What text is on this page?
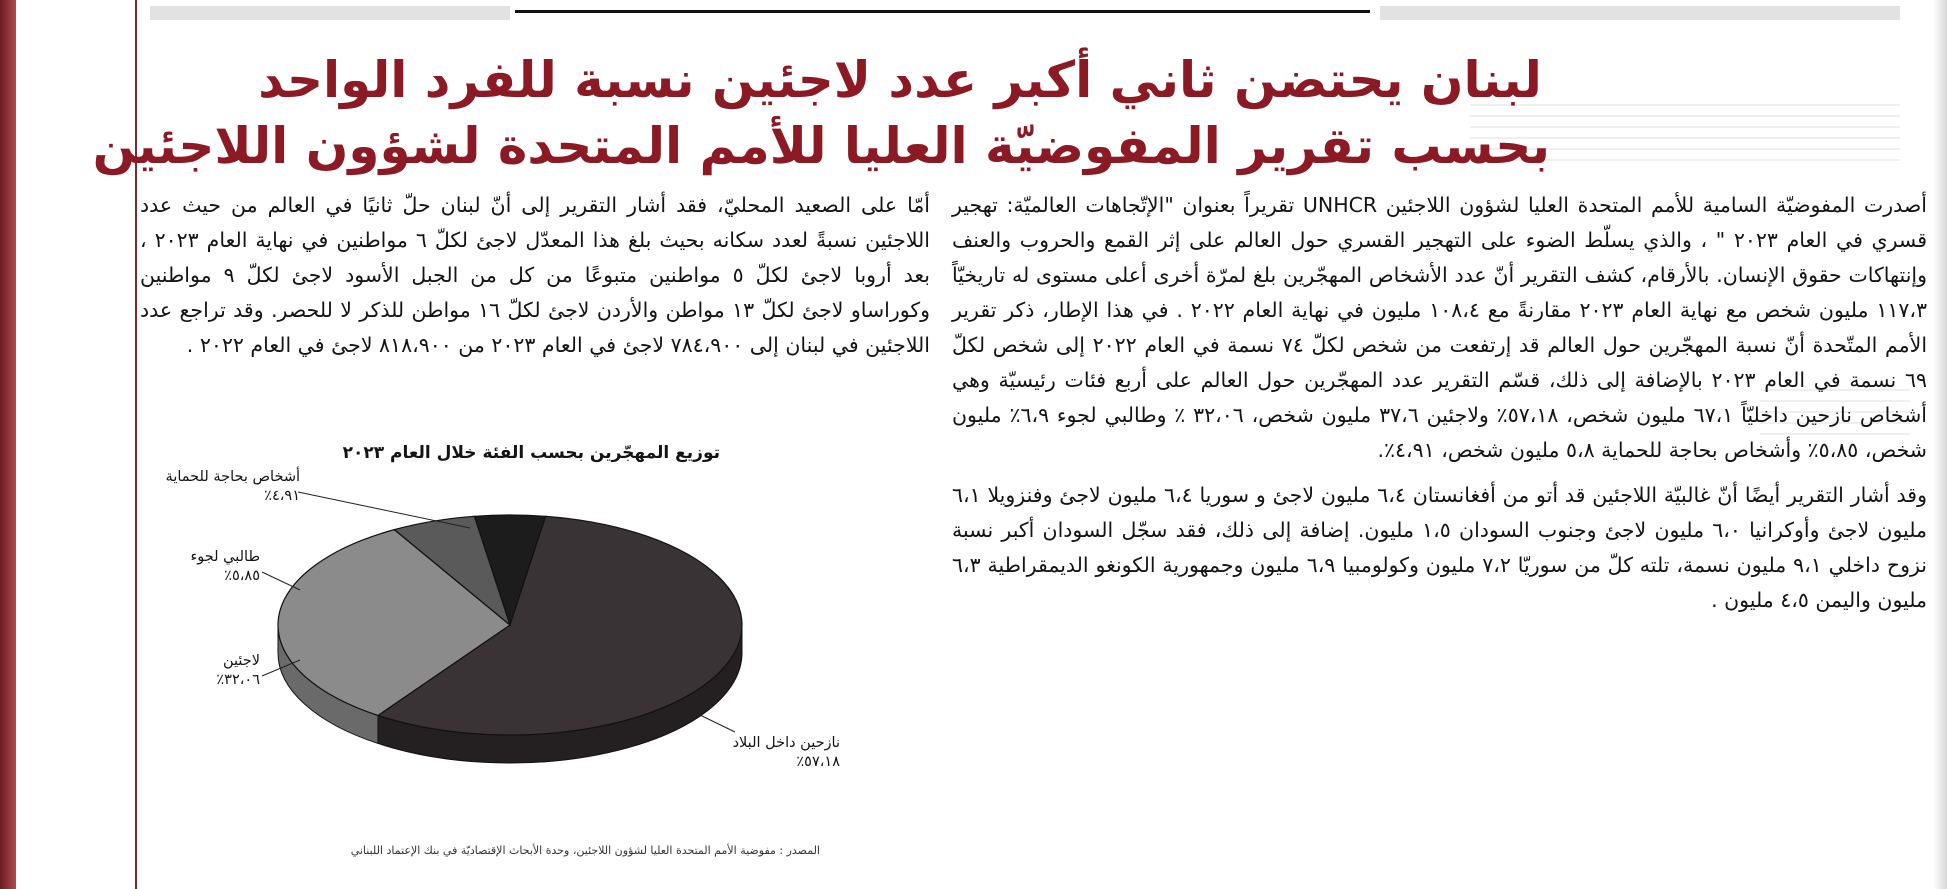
لبنان يحتضن ثاني أكبر عدد لاجئين نسبة للفرد الواحد
بحسب تقرير المفوضيّة العليا للأمم المتحدة لشؤون اللاجئين

أصدرت المفوضيّة السامية للأمم المتحدة العليا لشؤون اللاجئين UNHCR تقريراً بعنوان "الإتّجاهات العالميّة: تهجير قسري في العام ٢٠٢٣ " ، والذي يسلّط الضوء على التهجير القسري حول العالم على إثر القمع والحروب والعنف وإنتهاكات حقوق الإنسان. بالأرقام، كشف التقرير أنّ عدد الأشخاص المهجّرين بلغ لمرّة أخرى أعلى مستوى له تاريخيّاً ١١٧،٣ مليون شخص مع نهاية العام ٢٠٢٣ مقارنةً مع ١٠٨،٤ مليون في نهاية العام ٢٠٢٢ . في هذا الإطار، ذكر تقرير الأمم المتّحدة أنّ نسبة المهجّرين حول العالم قد إرتفعت من شخص لكلّ ٧٤ نسمة في العام ٢٠٢٢ إلى شخص لكلّ ٦٩ نسمة في العام ٢٠٢٣ بالإضافة إلى ذلك، قسّم التقرير عدد المهجّرين حول العالم على أربع فئات رئيسيّة وهي أشخاص نازحين داخليّاً ٦٧،١ مليون شخص، ٥٧،١٨٪ ولاجئين ٣٧،٦ مليون شخص، ٣٢،٠٦ ٪ وطالبي لجوء ٦،٩٪ مليون شخص، ٥،٨٥٪ وأشخاص بحاجة للحماية ٥،٨ مليون شخص، ٤،٩١٪.

وقد أشار التقرير أيضًا أنّ غالبيّة اللاجئين قد أتو من أفغانستان ٦،٤ مليون لاجئ و سوريا ٦،٤ مليون لاجئ وفنزويلا ٦،١ مليون لاجئ وأوكرانيا ٦،٠ مليون لاجئ وجنوب السودان ١،٥ مليون. إضافة إلى ذلك، فقد سجّل السودان أكبر نسبة نزوح داخلي ٩،١ مليون نسمة، تلته كلّ من سوريّا ٧،٢ مليون وكولومبيا ٦،٩ مليون وجمهورية الكونغو الديمقراطية ٦،٣ مليون واليمن ٤،٥ مليون .

أمّا على الصعيد المحليّ، فقد أشار التقرير إلى أنّ لبنان حلّ ثانيًا في العالم من حيث عدد اللاجئين نسبةً لعدد سكانه بحيث بلغ هذا المعدّل لاجئ لكلّ ٦ مواطنين في نهاية العام ٢٠٢٣ ، بعد أروبا لاجئ لكلّ ٥ مواطنين متبوعًا من كل من الجبل الأسود لاجئ لكلّ ٩ مواطنين وكوراساو لاجئ لكلّ ١٣ مواطن والأردن لاجئ لكلّ ١٦ مواطن للذكر لا للحصر. وقد تراجع عدد اللاجئين في لبنان إلى ٧٨٤،٩٠٠ لاجئ في العام ٢٠٢٣ من ٨١٨،٩٠٠ لاجئ في العام ٢٠٢٢ .

توزيع المهجّرين بحسب الفئة خلال العام ٢٠٢٣
أشخاص بحاجة للحماية
٤،٩١٪
طالبي لجوء
٥،٨٥٪
لاجئين
٣٢،٠٦٪
نازحين داخل البلاد
٥٧،١٨٪
المصدر : مفوضية الأمم المتحدة العليا لشؤون اللاجئين، وحدة الأبحاث الإقتصاديّة في بنك الإعتماد اللبناني
